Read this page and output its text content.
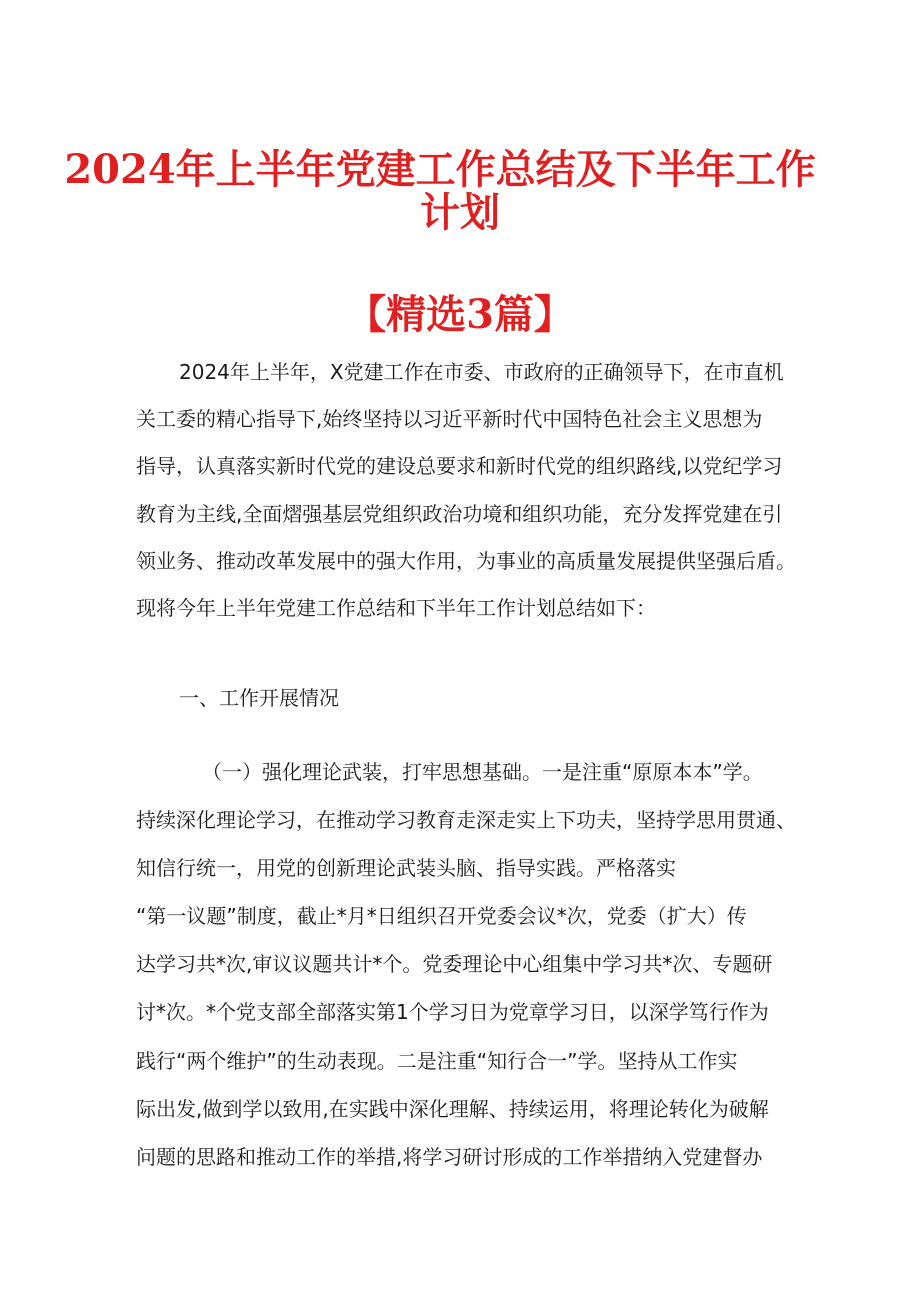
2024年上半年党建工作总结及下半年工作
计划
【精选3篇】
2024年上半年，X党建工作在市委、市政府的正确领导下，在市直机
关工委的精心指导下,始终坚持以习近平新时代中国特色社会主义思想为
指导，认真落实新时代党的建设总要求和新时代党的组织路线,以党纪学习
教育为主线,全面熠强基层党组织政治功境和组织功能，充分发挥党建在引
领业务、推动改革发展中的强大作用，为事业的高质量发展提供坚强后盾。
现将今年上半年党建工作总结和下半年工作计划总结如下：
一、工作开展情况
（一）强化理论武装，打牢思想基础。一是注重“原原本本”学。
持续深化理论学习，在推动学习教育走深走实上下功夫，坚持学思用贯通、
知信行统一，用党的创新理论武装头脑、指导实践。严格落实
“第一议题”制度，截止*月*日组织召开党委会议*次，党委（扩大）传
达学习共*次,审议议题共计*个。党委理论中心组集中学习共*次、专题研
讨*次。*个党支部全部落实第1个学习日为党章学习日，以深学笃行作为
践行“两个维护”的生动表现。二是注重“知行合一”学。坚持从工作实
际出发,做到学以致用,在实践中深化理解、持续运用，将理论转化为破解
问题的思路和推动工作的举措,将学习研讨形成的工作举措纳入党建督办
